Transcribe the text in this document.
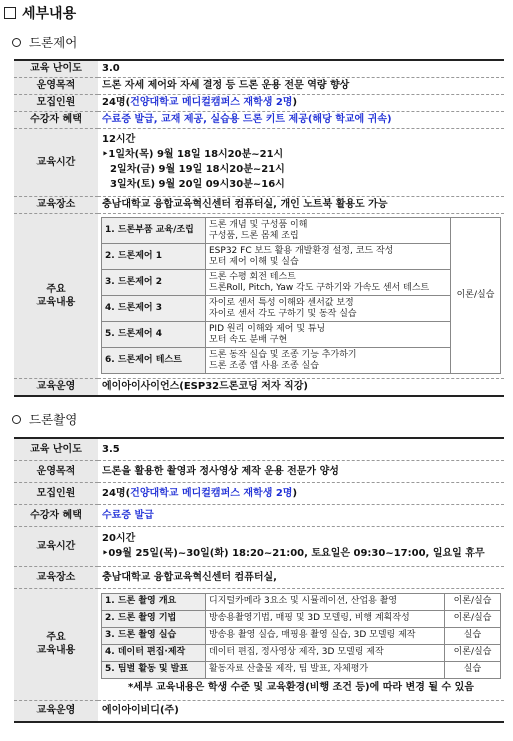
세부내용
드론제어
교육 난이도	3.0
운영목적	드론 자세 제어와 자세 결정 등 드론 운용 전문 역량 향상
모집인원	24명(건양대학교 메디컬캠퍼스 재학생 2명)
수강자 혜택	수료증 발급, 교재 제공, 실습용 드론 키트 제공(해당 학교에 귀속)
교육시간	
12시간
‣1일차(목) 9월 18일 18시20분~21시
2일차(금) 9월 19일 18시20분~21시
3일차(토) 9월 20일 09시30분~16시

교육장소	충남대학교 융합교육혁신센터 컴퓨터실, 개인 노트북 활용도 가능
주요
교육내용	
1. 드론부품 교육/조립	
드론 개념 및 구성품 이해
구성품, 드론 몸체 조립
	이론/실습
2. 드론제어 1	
ESP32 FC 보드 활용 개발환경 설정, 코드 작성
모터 제어 이해 및 실습

3. 드론제어 2	
드론 수평 회전 테스트
드론Roll, Pitch, Yaw 각도 구하기와 가속도 센서 테스트

4. 드론제어 3	
자이로 센서 특성 이해와 센서값 보정
자이로 센서 각도 구하기 및 동작 실습

5. 드론제어 4	
PID 원리 이해와 제어 및 튜닝
모터 속도 분배 구현

6. 드론제어 테스트	
드론 동작 실습 및 조종 기능 추가하기
드론 조종 앱 사용 조종 실습

교육운영	에이아이사이언스(ESP32드론코딩 저자 직강)
드론촬영
교육 난이도	3.5
운영목적	드론을 활용한 촬영과 정사영상 제작 운용 전문가 양성
모집인원	24명(건양대학교 메디컬캠퍼스 재학생 2명)
수강자 혜택	수료증 발급
교육시간	
20시간
‣09월 25일(목)~30일(화) 18:20~21:00, 토요일은 09:30~17:00, 일요일 휴무

교육장소	충남대학교 융합교육혁신센터 컴퓨터실,
주요
교육내용	
1. 드론 촬영 개요	디지털카메라 3요소 및 시뮬레이션, 산업용 촬영	이론/실습
2. 드론 촬영 기법	방송용촬영기법, 매핑 및 3D 모델링, 비행 계획작성	이론/실습
3. 드론 촬영 실습	방송용 촬영 실습, 매핑용 촬영 실습, 3D 모델링 제작	실습
4. 데이터 편집·제작	데이터 편집, 정사영상 제작, 3D 모델링 제작	이론/실습
5. 팀별 활동 및 발표	활동자료 산출물 제작, 팀 발표, 자체평가	실습
*세부 교육내용은 학생 수준 및 교육환경(비행 조건 등)에 따라 변경 될 수 있음

교육운영	에이아이비디(주)
